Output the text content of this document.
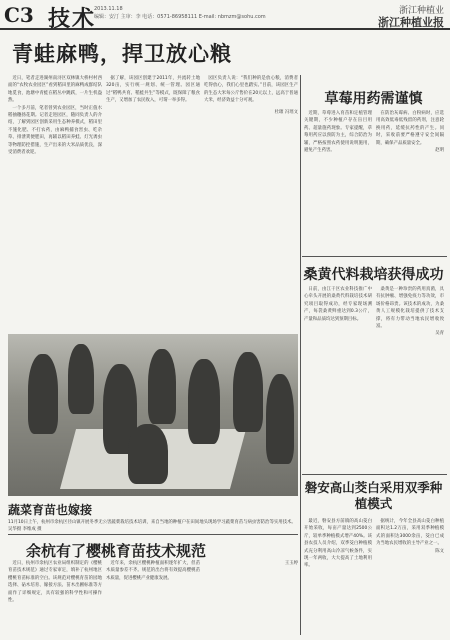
C3 技术
2013.11.18
编辑：安汀 主审：李 电话：0571-86958111 E-mail: nbmzm@sohu.com
浙江种植业
浙江种植业报
青蛙麻鸭，捍卫放心粮

近日，笔者走进湖州南浔区双林镇大桥村村西面的“农牧农业园区”看到稻田里的麻鸭成群结队地觅食，池塘中青蛙在稻丛中跳跃，一片生机盎然。

一个多月前，笔者曾到农业园区，当时正值水稻抽穗扬花期。记者走进园区，随同负责人的介绍，了解到园区创新采用生态种养模式，稻田里不施化肥、不打农药，由麻鸭捕食害虫、吃杂草、排泄粪便肥田，再辅以稻田养蛙、灯光诱虫等物理防控措施，生产出来的大米品质优良，深受消费者欢迎。

据了解，该园区创建于2011年，共流转土地320亩，实行统一规划、统一管理。园区通过“稻鸭共育、稻蛙共生”等模式，既保障了粮食生产，又增加了农民收入，可谓一举多得。

园区负责人说：“我们种的是放心粮，消费者吃得放心，我们心里也踏实。”目前，该园区生产的生态大米每公斤售价在20元以上，远高于普通大米，经济效益十分可观。

杜璀 冯瑶文
蔬菜育苗也嫁接
11月10日上午，杭州市余杭区径山镇开展冬季无公害蔬菜栽培技术培训，来自当地的种植户在田间地头现场学习蔬菜育苗与病虫害防治等实用技术。 吴华摄 李维成 摄
余杭有了樱桃育苗技术规范

近日，杭州市余杭区农业局组织制定的《樱桃育苗技术规范》通过专家审定，填补了杭州地区樱桃育苗标准的空白。该规范对樱桃育苗的园地选择、砧木培育、嫁接方法、苗木出圃标准等方面作了详细规定，具有较强的科学性和可操作性。

近年来，余杭区樱桃种植面积逐年扩大，但苗木质量参差不齐。规范的出台将有效提高樱桃苗木质量，促进樱桃产业健康发展。

王玉婷
草莓用药需谨慎

近期，草莓进入育苗和定植管理关键期，不少种植户存在盲目用药、超量施药现象。专家提醒，草莓用药应以预防为主，综合防治为辅，严格按照农药使用说明施用，避免产生药害。

在防治灰霉病、白粉病时，应选用高效低毒低残留的药剂，注意轮换用药，延缓抗药性的产生。同时，采收前要严格遵守安全间隔期，确保产品质量安全。

赵明
桑黄代料栽培获得成功

日前，由江干区农业科技推广中心牵头开展的桑黄代料栽培技术研究项目取得成功，经专家现场测产，每袋桑黄鲜重达到0.3公斤，产量和品质均达到预期目标。

桑黄是一种珍贵的药用真菌，具有抗肿瘤、增强免疫力等功效，市场价格昂贵。该技术的成功，为桑黄人工规模化栽培提供了技术支撑，将有力带动当地农民增收致富。

吴青
磐安高山茭白采用双季种植模式

最近，磐安县方前镇的高山茭白开始采收，每亩产量达到2500公斤，较单季种植模式增产40%。该县农技人员介绍，双季茭白种植模式充分利用高山冷凉气候条件，实现一年两收，大大提高了土地利用率。

据统计，今年全县高山茭白种植面积达1.2万亩，采用双季种植模式的面积达3000余亩，茭白已成为当地农民增收的主导产业之一。

陈文
